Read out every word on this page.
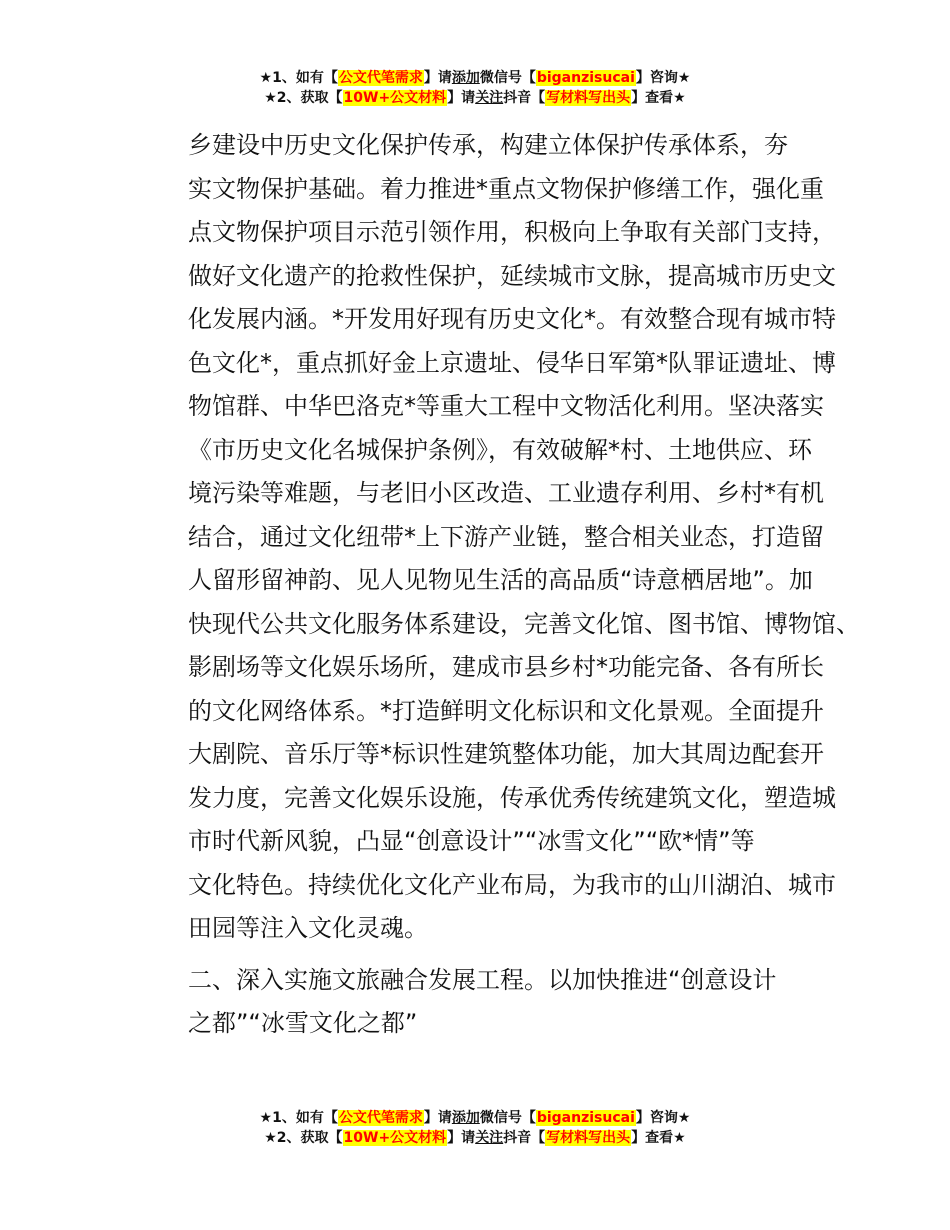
★1、如有【公文代笔需求】请添加微信号【biganzisucai】咨询★
★2、获取【10W+公文材料】请关注抖音【写材料写出头】查看★

乡建设中历史文化保护传承，构建立体保护传承体系，夯
实文物保护基础。着力推进*重点文物保护修缮工作，强化重
点文物保护项目示范引领作用，积极向上争取有关部门支持，
做好文化遗产的抢救性保护，延续城市文脉，提高城市历史文
化发展内涵。*开发用好现有历史文化*。有效整合现有城市特
色文化*，重点抓好金上京遗址、侵华日军第*队罪证遗址、博
物馆群、中华巴洛克*等重大工程中文物活化利用。坚决落实
《市历史文化名城保护条例》，有效破解*村、土地供应、环
境污染等难题，与老旧小区改造、工业遗存利用、乡村*有机
结合，通过文化纽带*上下游产业链，整合相关业态，打造留
人留形留神韵、见人见物见生活的高品质“诗意栖居地”。加
快现代公共文化服务体系建设，完善文化馆、图书馆、博物馆、
影剧场等文化娱乐场所，建成市县乡村*功能完备、各有所长
的文化网络体系。*打造鲜明文化标识和文化景观。全面提升
大剧院、音乐厅等*标识性建筑整体功能，加大其周边配套开
发力度，完善文化娱乐设施，传承优秀传统建筑文化，塑造城
市时代新风貌，凸显“创意设计”“冰雪文化”“欧*情”等
文化特色。持续优化文化产业布局，为我市的山川湖泊、城市
田园等注入文化灵魂。

二、深入实施文旅融合发展工程。以加快推进“创意设计
之都”“冰雪文化之都”

★1、如有【公文代笔需求】请添加微信号【biganzisucai】咨询★
★2、获取【10W+公文材料】请关注抖音【写材料写出头】查看★
